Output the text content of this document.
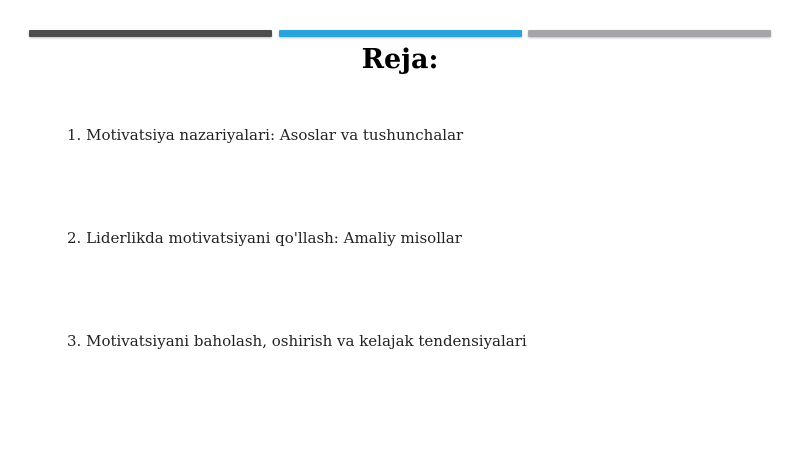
Reja:
1. Motivatsiya nazariyalari: Asoslar va tushunchalar
2. Liderlikda motivatsiyani qo'llash: Amaliy misollar
3. Motivatsiyani baholash, oshirish va kelajak tendensiyalari
